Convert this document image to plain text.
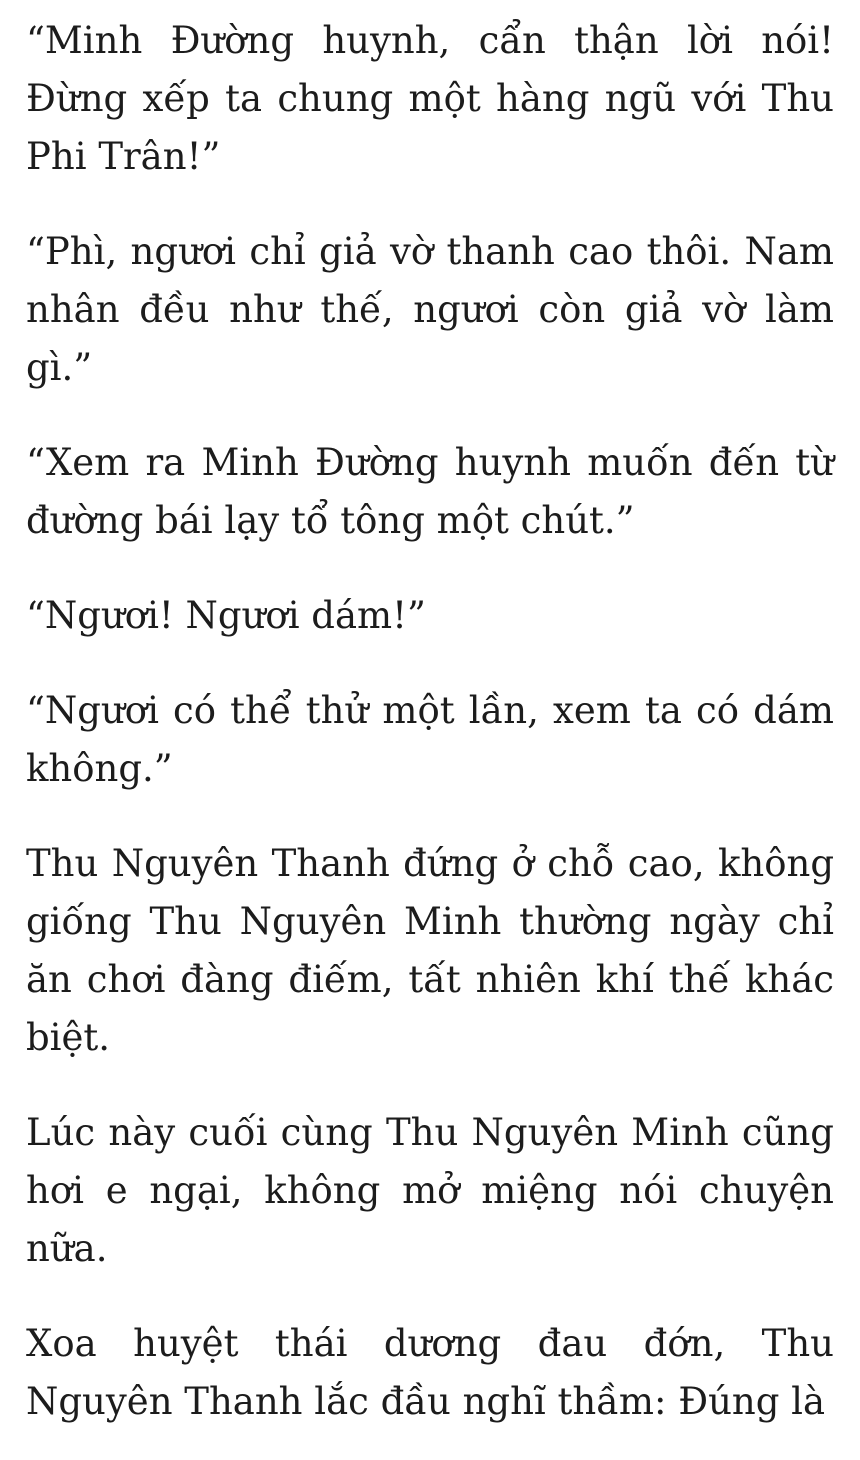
“Minh Đường huynh, cẩn thận lời nói! Đừng xếp ta chung một hàng ngũ với Thu Phi Trân!”

“Phì, ngươi chỉ giả vờ thanh cao thôi. Nam nhân đều như thế, ngươi còn giả vờ làm gì.”

“Xem ra Minh Đường huynh muốn đến từ đường bái lạy tổ tông một chút.”

“Ngươi! Ngươi dám!”

“Ngươi có thể thử một lần, xem ta có dám không.”

Thu Nguyên Thanh đứng ở chỗ cao, không giống Thu Nguyên Minh thường ngày chỉ ăn chơi đàng điếm, tất nhiên khí thế khác biệt.

Lúc này cuối cùng Thu Nguyên Minh cũng hơi e ngại, không mở miệng nói chuyện nữa.

Xoa huyệt thái dương đau đớn, Thu Nguyên Thanh lắc đầu nghĩ thầm: Đúng là
